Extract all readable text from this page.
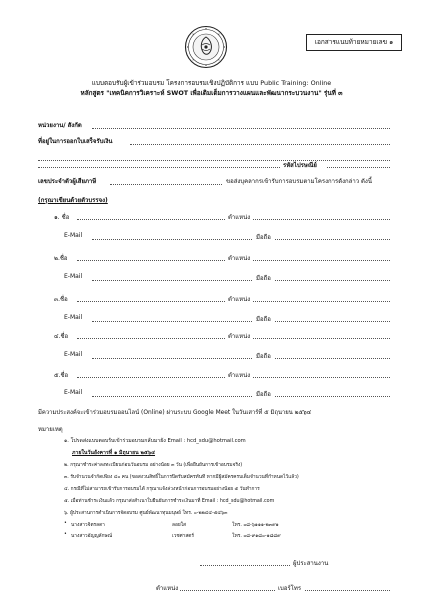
เอกสารแนบท้ายหมายเลข ๑
แบบตอบรับผู้เข้าร่วมอบรม โครงการอบรมเชิงปฏิบัติการ แบบ Public Training: Online
หลักสูตร "เทคนิคการวิเคราะห์ SWOT เพื่อเติมเต็มการวางแผนและพัฒนากระบวนงาน" รุ่นที่ ๓
หน่วยงาน/ สังกัด
ที่อยู่ในการออกใบเสร็จรับเงิน
รหัสไปรษณีย์
เลขประจำตัวผู้เสียภาษี	ขอส่งบุคลากรเข้ารับการอบรมตามโครงการดังกล่าว ดังนี้
(กรุณาเขียนด้วยตัวบรรจง)
๑. ชื่อ	ตำแหน่ง
E-Mail	มือถือ
๒.ชื่อ	ตำแหน่ง
E-Mail	มือถือ
๓.ชื่อ	ตำแหน่ง
E-Mail	มือถือ
๔.ชื่อ	ตำแหน่ง
E-Mail	มือถือ
๕.ชื่อ	ตำแหน่ง
E-Mail	มือถือ
มีความประสงค์จะเข้าร่วมอบรมออนไลน์ (Online) ผ่านระบบ Google Meet ในวันเสาร์ที่ ๕ มิถุนายน ๒๕๖๔
หมายเหตุ
๑. โปรดส่งแบบตอบรับเข้าร่วมอบรมกลับมายัง Email : hcd_sdu@hotmail.com
ภายในวันอังคารที่ ๑ มิถุนายน ๒๕๖๔
๒. กรุณาชำระค่าลงทะเบียนก่อนวันอบรม อย่างน้อย ๓ วัน (เพื่อยืนยันการเข้าอบรมจริง)
๓. รับจำนวนจำกัดเพียง ๔๐ คน (ขอสงวนสิทธิ์ในการปิดรับสมัครทันที หากมีผู้สมัครครบเต็มจำนวนที่กำหนดไว้แล้ว)
๔. กรณีที่ไม่สามารถเข้ารับการอบรมได้ กรุณาแจ้งล่วงหน้าก่อนการอบรมอย่างน้อย ๕ วันทำการ
๕. เมื่อท่านชำระเงินแล้ว กรุณาส่งสำเนาใบยืนยันการชำระเงินมาที่ Email : hcd_sdu@hotmail.com
๖. ผู้ประสานการดำเนินการจัดอบรม ศูนย์พัฒนาทุนมนุษย์ โทร. ๐-๒๒๔๔-๕๔๖๓
• นางสาวจิตรลดา	ลอยใส	โทร. ๐๘-๖๑๑๑-๒๓๙๑
• นางสาวอัญญลักษณ์	เวชศาสตร์	โทร. ๐๘-๙๑๘๐-๑๘๘๙
ผู้ประสานงาน
ตำแหน่ง	เบอร์โทร
